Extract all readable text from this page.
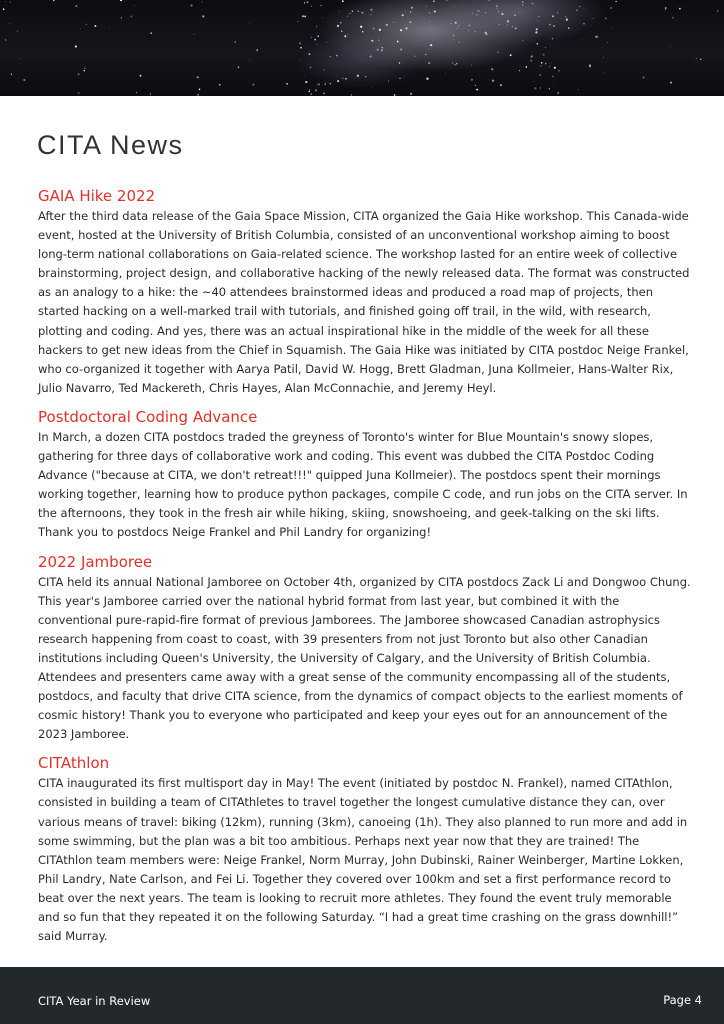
CITA News
GAIA Hike 2022

After the third data release of the Gaia Space Mission, CITA organized the Gaia Hike workshop. This Canada-wide event, hosted at the University of British Columbia, consisted of an unconventional workshop aiming to boost long-term national collaborations on Gaia-related science. The workshop lasted for an entire week of collective brainstorming, project design, and collaborative hacking of the newly released data. The format was constructed as an analogy to a hike: the ~40 attendees brainstormed ideas and produced a road map of projects, then started hacking on a well-marked trail with tutorials, and finished going off trail, in the wild, with research, plotting and coding. And yes, there was an actual inspirational hike in the middle of the week for all these hackers to get new ideas from the Chief in Squamish. The Gaia Hike was initiated by CITA postdoc Neige Frankel, who co-organized it together with Aarya Patil, David W. Hogg, Brett Gladman, Juna Kollmeier, Hans-Walter Rix, Julio Navarro, Ted Mackereth, Chris Hayes, Alan McConnachie, and Jeremy Heyl.

Postdoctoral Coding Advance

In March, a dozen CITA postdocs traded the greyness of Toronto's winter for Blue Mountain's snowy slopes, gathering for three days of collaborative work and coding. This event was dubbed the CITA Postdoc Coding Advance ("because at CITA, we don't retreat!!!" quipped Juna Kollmeier). The postdocs spent their mornings working together, learning how to produce python packages, compile C code, and run jobs on the CITA server. In the afternoons, they took in the fresh air while hiking, skiing, snowshoeing, and geek-talking on the ski lifts. Thank you to postdocs Neige Frankel and Phil Landry for organizing!

2022 Jamboree

CITA held its annual National Jamboree on October 4th, organized by CITA postdocs Zack Li and Dongwoo Chung. This year's Jamboree carried over the national hybrid format from last year, but combined it with the conventional pure-rapid-fire format of previous Jamborees. The Jamboree showcased Canadian astrophysics research happening from coast to coast, with 39 presenters from not just Toronto but also other Canadian institutions including Queen's University, the University of Calgary, and the University of British Columbia. Attendees and presenters came away with a great sense of the community encompassing all of the students, postdocs, and faculty that drive CITA science, from the dynamics of compact objects to the earliest moments of cosmic history! Thank you to everyone who participated and keep your eyes out for an announcement of the 2023 Jamboree.

CITAthlon

CITA inaugurated its first multisport day in May! The event (initiated by postdoc N. Frankel), named CITAthlon, consisted in building a team of CITAthletes to travel together the longest cumulative distance they can, over various means of travel: biking (12km), running (3km), canoeing (1h). They also planned to run more and add in some swimming, but the plan was a bit too ambitious. Perhaps next year now that they are trained! The CITAthlon team members were: Neige Frankel, Norm Murray, John Dubinski, Rainer Weinberger, Martine Lokken, Phil Landry, Nate Carlson, and Fei Li. Together they covered over 100km and set a first performance record to beat over the next years. The team is looking to recruit more athletes. They found the event truly memorable and so fun that they repeated it on the following Saturday. “I had a great time crashing on the grass downhill!” said Murray.

CITA Year in Review	Page 4
